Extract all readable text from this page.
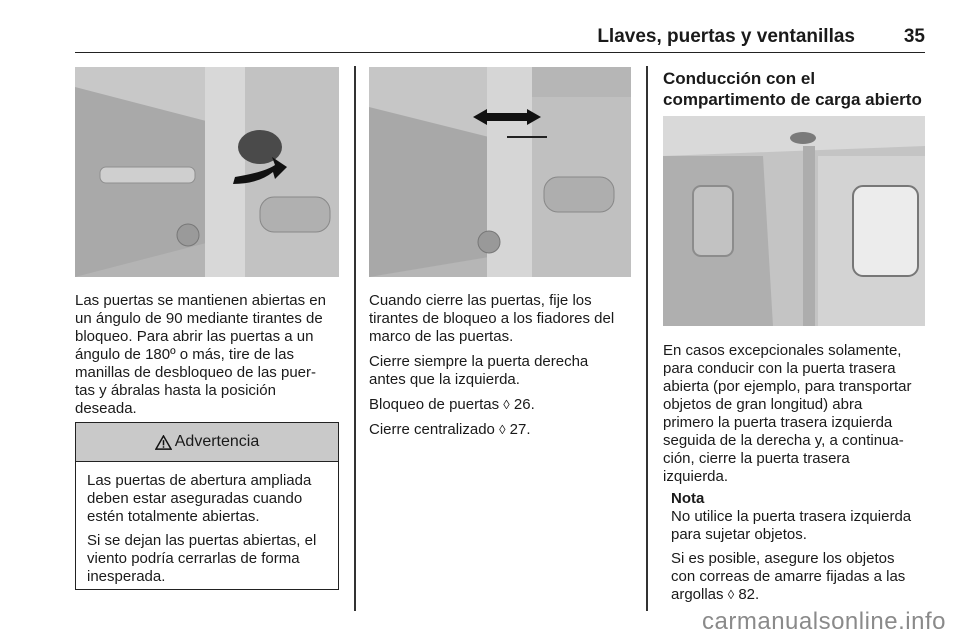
Llaves, puertas y ventanillas	35
Las puertas se mantienen abiertas en
un ángulo de 90 mediante tirantes de
bloqueo. Para abrir las puertas a un
ángulo de 180º o más, tire de las
manillas de desbloqueo de las puer‐
tas y ábralas hasta la posición
deseada.
Advertencia

Las puertas de abertura ampliada
deben estar aseguradas cuando
estén totalmente abiertas.

Si se dejan las puertas abiertas, el
viento podría cerrarlas de forma
inesperada.

Cuando cierre las puertas, fije los
tirantes de bloqueo a los fiadores del
marco de las puertas.

Cierre siempre la puerta derecha
antes que la izquierda.

Bloqueo de puertas ◊ 26.

Cierre centralizado ◊ 27.

Conducción con el
compartimento de carga abierto
En casos excepcionales solamente,
para conducir con la puerta trasera
abierta (por ejemplo, para transportar
objetos de gran longitud) abra
primero la puerta trasera izquierda
seguida de la derecha y, a continua‐
ción, cierre la puerta trasera
izquierda.
Nota

No utilice la puerta trasera izquierda
para sujetar objetos.

Si es posible, asegure los objetos
con correas de amarre fijadas a las
argollas ◊ 82.

carmanualsonline.info
